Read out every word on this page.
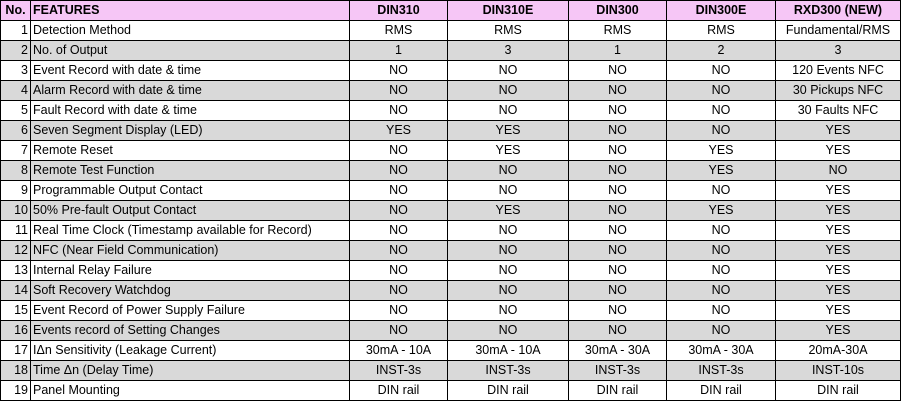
No.	FEATURES	DIN310	DIN310E	DIN300	DIN300E	RXD300 (NEW)
1	Detection Method	RMS	RMS	RMS	RMS	Fundamental/RMS
2	No. of Output	1	3	1	2	3
3	Event Record with date & time	NO	NO	NO	NO	120 Events NFC
4	Alarm Record with date & time	NO	NO	NO	NO	30 Pickups NFC
5	Fault Record with date & time	NO	NO	NO	NO	30 Faults NFC
6	Seven Segment Display (LED)	YES	YES	NO	NO	YES
7	Remote Reset	NO	YES	NO	YES	YES
8	Remote Test Function	NO	NO	NO	YES	NO
9	Programmable Output Contact	NO	NO	NO	NO	YES
10	50% Pre-fault Output Contact	NO	YES	NO	YES	YES
11	Real Time Clock (Timestamp available for Record)	NO	NO	NO	NO	YES
12	NFC (Near Field Communication)	NO	NO	NO	NO	YES
13	Internal Relay Failure	NO	NO	NO	NO	YES
14	Soft Recovery Watchdog	NO	NO	NO	NO	YES
15	Event Record of Power Supply Failure	NO	NO	NO	NO	YES
16	Events record of Setting Changes	NO	NO	NO	NO	YES
17	IΔn Sensitivity (Leakage Current)	30mA - 10A	30mA - 10A	30mA - 30A	30mA - 30A	20mA-30A
18	Time Δn (Delay Time)	INST-3s	INST-3s	INST-3s	INST-3s	INST-10s
19	Panel Mounting	DIN rail	DIN rail	DIN rail	DIN rail	DIN rail
